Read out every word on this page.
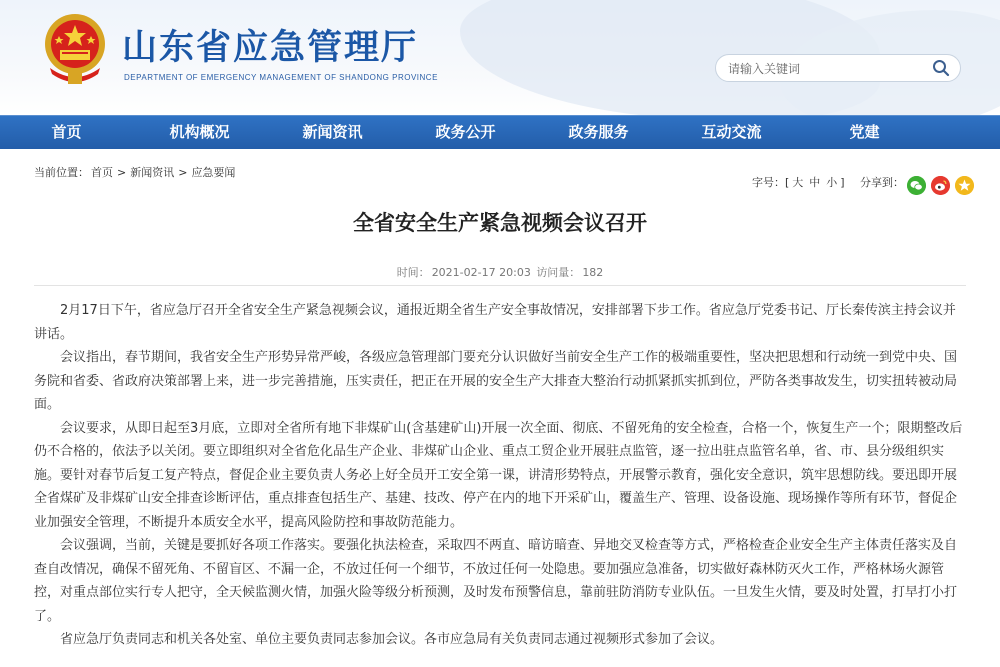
山东省应急管理厅
DEPARTMENT OF EMERGENCY MANAGEMENT OF SHANDONG PROVINCE
请输入关键词
首页	机构概况	新闻资讯	政务公开	政务服务	互动交流	党建
当前位置： 首页 > 新闻资讯 > 应急要闻
字号：[ 大 中 小 ] 分享到：
全省安全生产紧急视频会议召开
时间： 2021-02-17 20:03 访问量： 182

2月17日下午，省应急厅召开全省安全生产紧急视频会议，通报近期全省生产安全事故情况，安排部署下步工作。省应急厅党委书记、厅长秦传滨主持会议并讲话。

会议指出，春节期间，我省安全生产形势异常严峻，各级应急管理部门要充分认识做好当前安全生产工作的极端重要性，坚决把思想和行动统一到党中央、国务院和省委、省政府决策部署上来，进一步完善措施，压实责任，把正在开展的安全生产大排查大整治行动抓紧抓实抓到位，严防各类事故发生，切实扭转被动局面。

会议要求，从即日起至3月底，立即对全省所有地下非煤矿山(含基建矿山)开展一次全面、彻底、不留死角的安全检查，合格一个，恢复生产一个；限期整改后仍不合格的，依法予以关闭。要立即组织对全省危化品生产企业、非煤矿山企业、重点工贸企业开展驻点监管，逐一拉出驻点监管名单，省、市、县分级组织实施。要针对春节后复工复产特点，督促企业主要负责人务必上好全员开工安全第一课，讲清形势特点，开展警示教育，强化安全意识，筑牢思想防线。要迅即开展全省煤矿及非煤矿山安全排查诊断评估，重点排查包括生产、基建、技改、停产在内的地下开采矿山，覆盖生产、管理、设备设施、现场操作等所有环节，督促企业加强安全管理，不断提升本质安全水平，提高风险防控和事故防范能力。

会议强调，当前，关键是要抓好各项工作落实。要强化执法检查，采取四不两直、暗访暗查、异地交叉检查等方式，严格检查企业安全生产主体责任落实及自查自改情况，确保不留死角、不留盲区、不漏一企，不放过任何一个细节，不放过任何一处隐患。要加强应急准备，切实做好森林防灭火工作，严格林场火源管控，对重点部位实行专人把守，全天候监测火情，加强火险等级分析预测，及时发布预警信息，靠前驻防消防专业队伍。一旦发生火情，要及时处置，打早打小打了。

省应急厅负责同志和机关各处室、单位主要负责同志参加会议。各市应急局有关负责同志通过视频形式参加了会议。
